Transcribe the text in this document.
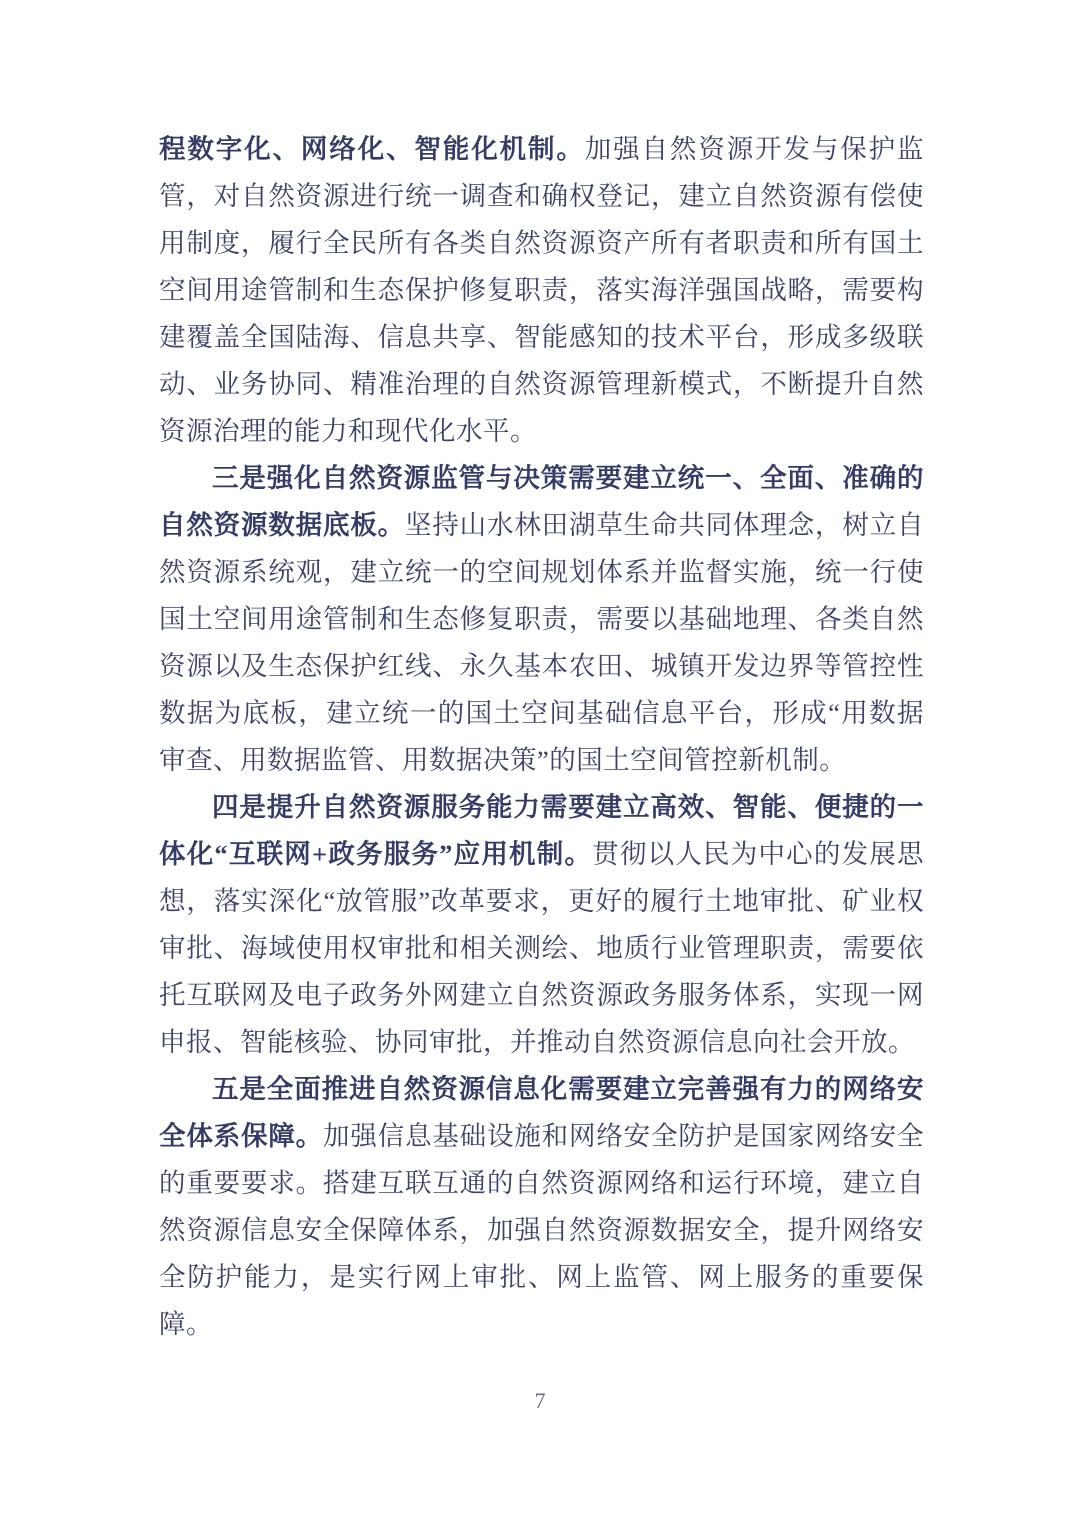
程数字化、网络化、智能化机制。加强自然资源开发与保护监管，对自然资源进行统一调查和确权登记，建立自然资源有偿使用制度，履行全民所有各类自然资源资产所有者职责和所有国土空间用途管制和生态保护修复职责，落实海洋强国战略，需要构建覆盖全国陆海、信息共享、智能感知的技术平台，形成多级联动、业务协同、精准治理的自然资源管理新模式，不断提升自然资源治理的能力和现代化水平。

三是强化自然资源监管与决策需要建立统一、全面、准确的自然资源数据底板。坚持山水林田湖草生命共同体理念，树立自然资源系统观，建立统一的空间规划体系并监督实施，统一行使国土空间用途管制和生态修复职责，需要以基础地理、各类自然资源以及生态保护红线、永久基本农田、城镇开发边界等管控性数据为底板，建立统一的国土空间基础信息平台，形成“用数据审查、用数据监管、用数据决策”的国土空间管控新机制。

四是提升自然资源服务能力需要建立高效、智能、便捷的一体化“互联网+政务服务”应用机制。贯彻以人民为中心的发展思想，落实深化“放管服”改革要求，更好的履行土地审批、矿业权审批、海域使用权审批和相关测绘、地质行业管理职责，需要依托互联网及电子政务外网建立自然资源政务服务体系，实现一网申报、智能核验、协同审批，并推动自然资源信息向社会开放。

五是全面推进自然资源信息化需要建立完善强有力的网络安全体系保障。加强信息基础设施和网络安全防护是国家网络安全的重要要求。搭建互联互通的自然资源网络和运行环境，建立自然资源信息安全保障体系，加强自然资源数据安全，提升网络安全防护能力，是实行网上审批、网上监管、网上服务的重要保障。

7
